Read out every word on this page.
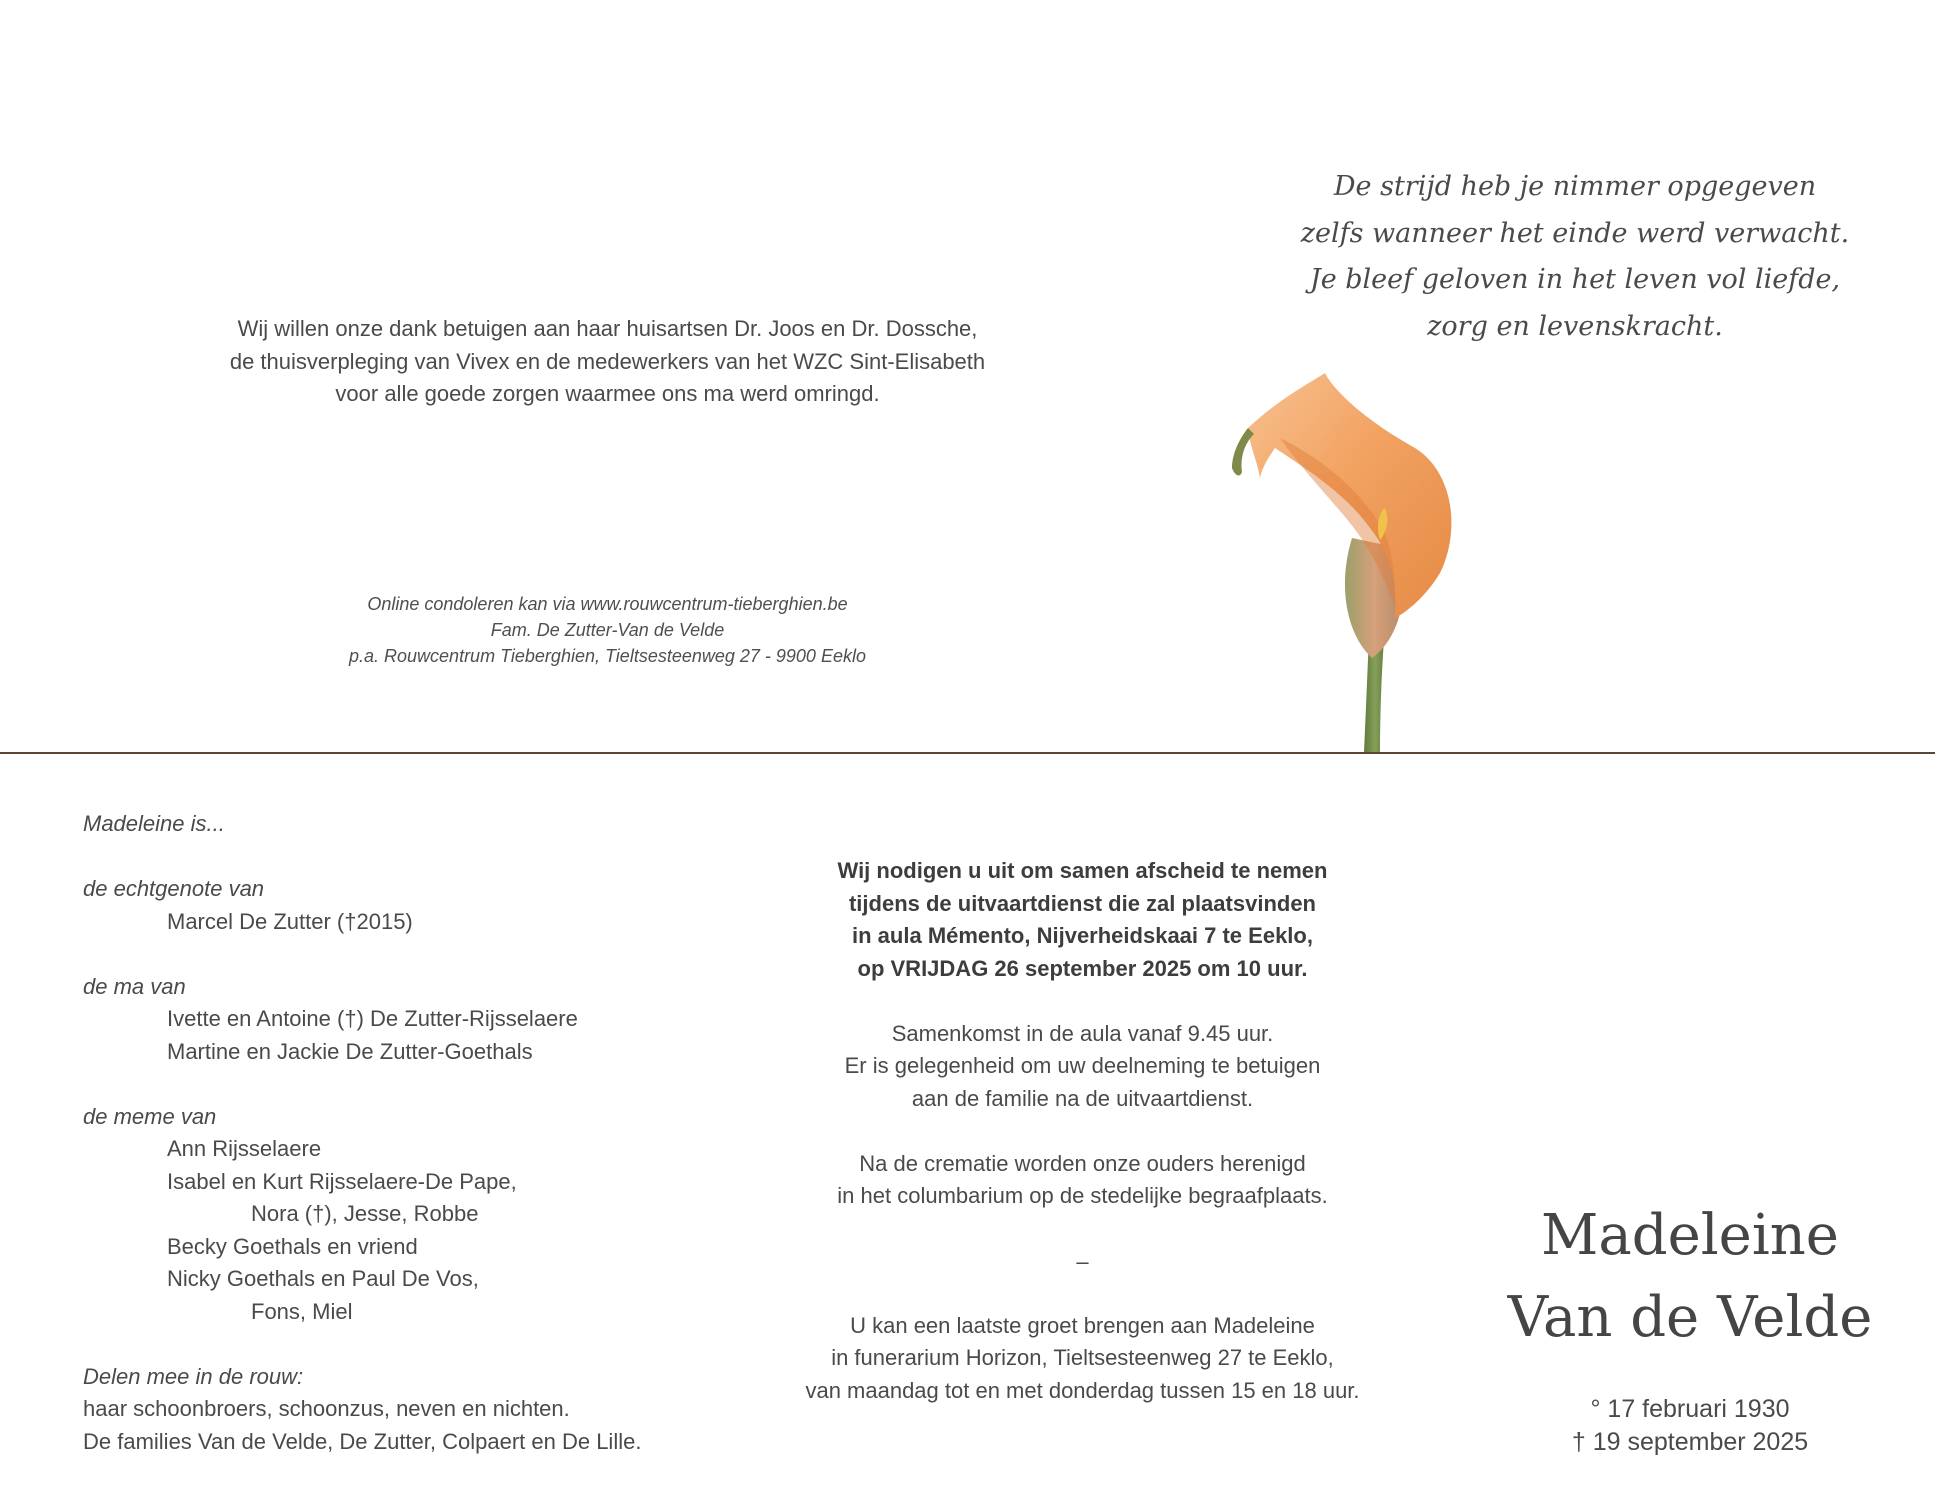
Wij willen onze dank betuigen aan haar huisartsen Dr. Joos en Dr. Dossche,
de thuisverpleging van Vivex en de medewerkers van het WZC Sint-Elisabeth
voor alle goede zorgen waarmee ons ma werd omringd.
Online condoleren kan via www.rouwcentrum-tieberghien.be
Fam. De Zutter-Van de Velde
p.a. Rouwcentrum Tieberghien, Tieltsesteenweg 27 - 9900 Eeklo
De strijd heb je nimmer opgegeven
zelfs wanneer het einde werd verwacht.
Je bleef geloven in het leven vol liefde,
zorg en levenskracht.
Madeleine is...
de echtgenote van
Marcel De Zutter (†2015)
de ma van
Ivette en Antoine (†) De Zutter-Rijsselaere
Martine en Jackie De Zutter-Goethals
de meme van
Ann Rijsselaere
Isabel en Kurt Rijsselaere-De Pape,
Nora (†), Jesse, Robbe
Becky Goethals en vriend
Nicky Goethals en Paul De Vos,
Fons, Miel
Delen mee in de rouw:
haar schoonbroers, schoonzus, neven en nichten.
De families Van de Velde, De Zutter, Colpaert en De Lille.
Wij nodigen u uit om samen afscheid te nemen
tijdens de uitvaartdienst die zal plaatsvinden
in aula Mémento, Nijverheidskaai 7 te Eeklo,
op VRIJDAG 26 september 2025 om 10 uur.
Samenkomst in de aula vanaf 9.45 uur.
Er is gelegenheid om uw deelneming te betuigen
aan de familie na de uitvaartdienst.
Na de crematie worden onze ouders herenigd
in het columbarium op de stedelijke begraafplaats.
–
U kan een laatste groet brengen aan Madeleine
in funerarium Horizon, Tieltsesteenweg 27 te Eeklo,
van maandag tot en met donderdag tussen 15 en 18 uur.
Madeleine
Van de Velde
° 17 februari 1930
† 19 september 2025
